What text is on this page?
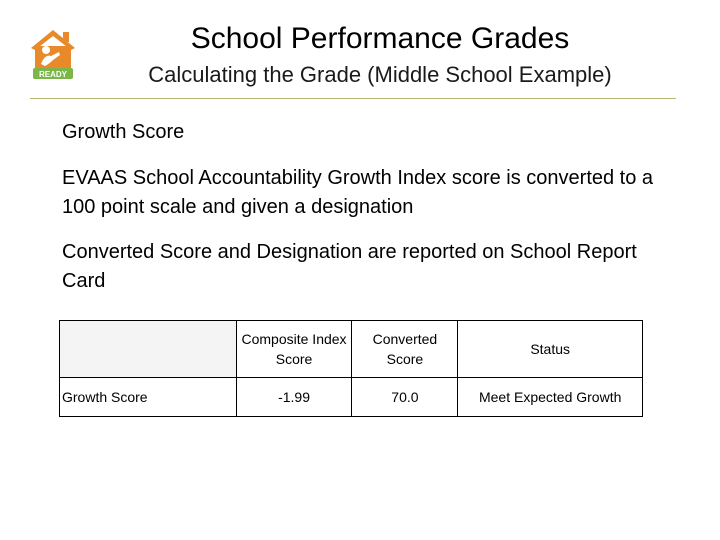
READY
School Performance Grades
Calculating the Grade (Middle School Example)
Growth Score
EVAAS School Accountability Growth Index score is converted to a 100 point scale and given a designation
Converted Score and Designation are reported on School Report Card
	Composite Index Score	Converted Score	Status
Growth Score	-1.99	70.0	Meet Expected Growth
